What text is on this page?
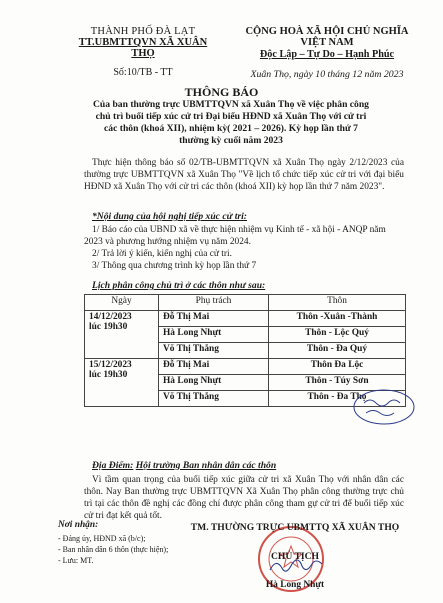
THÀNH PHỐ ĐÀ LẠT
TT.UBMTTQVN XÃ XUÂN THỌ
Số:10/TB - TT
CỘNG HOÀ XÃ HỘI CHỦ NGHĨA VIỆT NAM
Độc Lập – Tự Do – Hạnh Phúc
Xuân Thọ, ngày 10 tháng 12 năm 2023
THÔNG BÁO
Của ban thường trực UBMTTQVN xã Xuân Thọ về việc phân công chủ trì buổi tiếp xúc cử tri Đại biểu HĐND xã Xuân Thọ với cử tri các thôn (khoá XII), nhiệm kỳ( 2021 – 2026). Kỳ họp lần thứ 7 thường kỳ cuối năm 2023
Thực hiện thông báo số 02/TB-UBMTTQVN xã Xuân Thọ ngày 2/12/2023 của thường trực UBMTTQVN xã Xuân Thọ "Về lịch tổ chức tiếp xúc cử tri với đại biểu HĐND xã Xuân Thọ với cử tri các thôn (khoá XII) kỳ họp lần thứ 7 năm 2023".
*Nội dung của hội nghị tiếp xúc cử tri:
1/ Báo cáo của UBND xã về thực hiện nhiệm vụ Kinh tế - xã hội - ANQP năm 2023 và phương hướng nhiệm vụ năm 2024.
2/ Trả lời ý kiến, kiến nghị của cử tri.
3/ Thông qua chương trình kỳ họp lần thứ 7
Lịch phân công chủ trì ở các thôn như sau:
Ngày	Phụ trách	Thôn

14/12/2023
lúc 19h30	Đỗ Thị Mai	Thôn -Xuân -Thành
	Hà Long Nhựt	Thôn - Lộc Quý
	Võ Thị Thắng	Thôn - Đa Quý

15/12/2023
lúc 19h30	Đỗ Thị Mai	Thôn Đa Lộc
	Hà Long Nhựt	Thôn - Túy Sơn
	Võ Thị Thắng	Thôn - Đa Thọ
Địa Điểm: Hội trường Ban nhân dân các thôn
Vì tầm quan trọng của buổi tiếp xúc giữa cử tri xã Xuân Thọ với nhân dân các thôn. Nay Ban thường trực UBMTTQVN Xã Xuân Thọ phân công thường trực chủ trì tại các thôn đề nghị các đồng chí được phân công tham gự cử tri để buổi tiếp xúc cử tri đạt kết quả tốt.
Nơi nhận:
- Đảng ủy, HĐND xã (b/c);
- Ban nhân dân 6 thôn (thực hiện);
- Lưu: MT.
TM. THƯỜNG TRỰC UBMTTQ XÃ XUÂN THỌ
CHỦ TỊCH
Hà Long Nhựt
